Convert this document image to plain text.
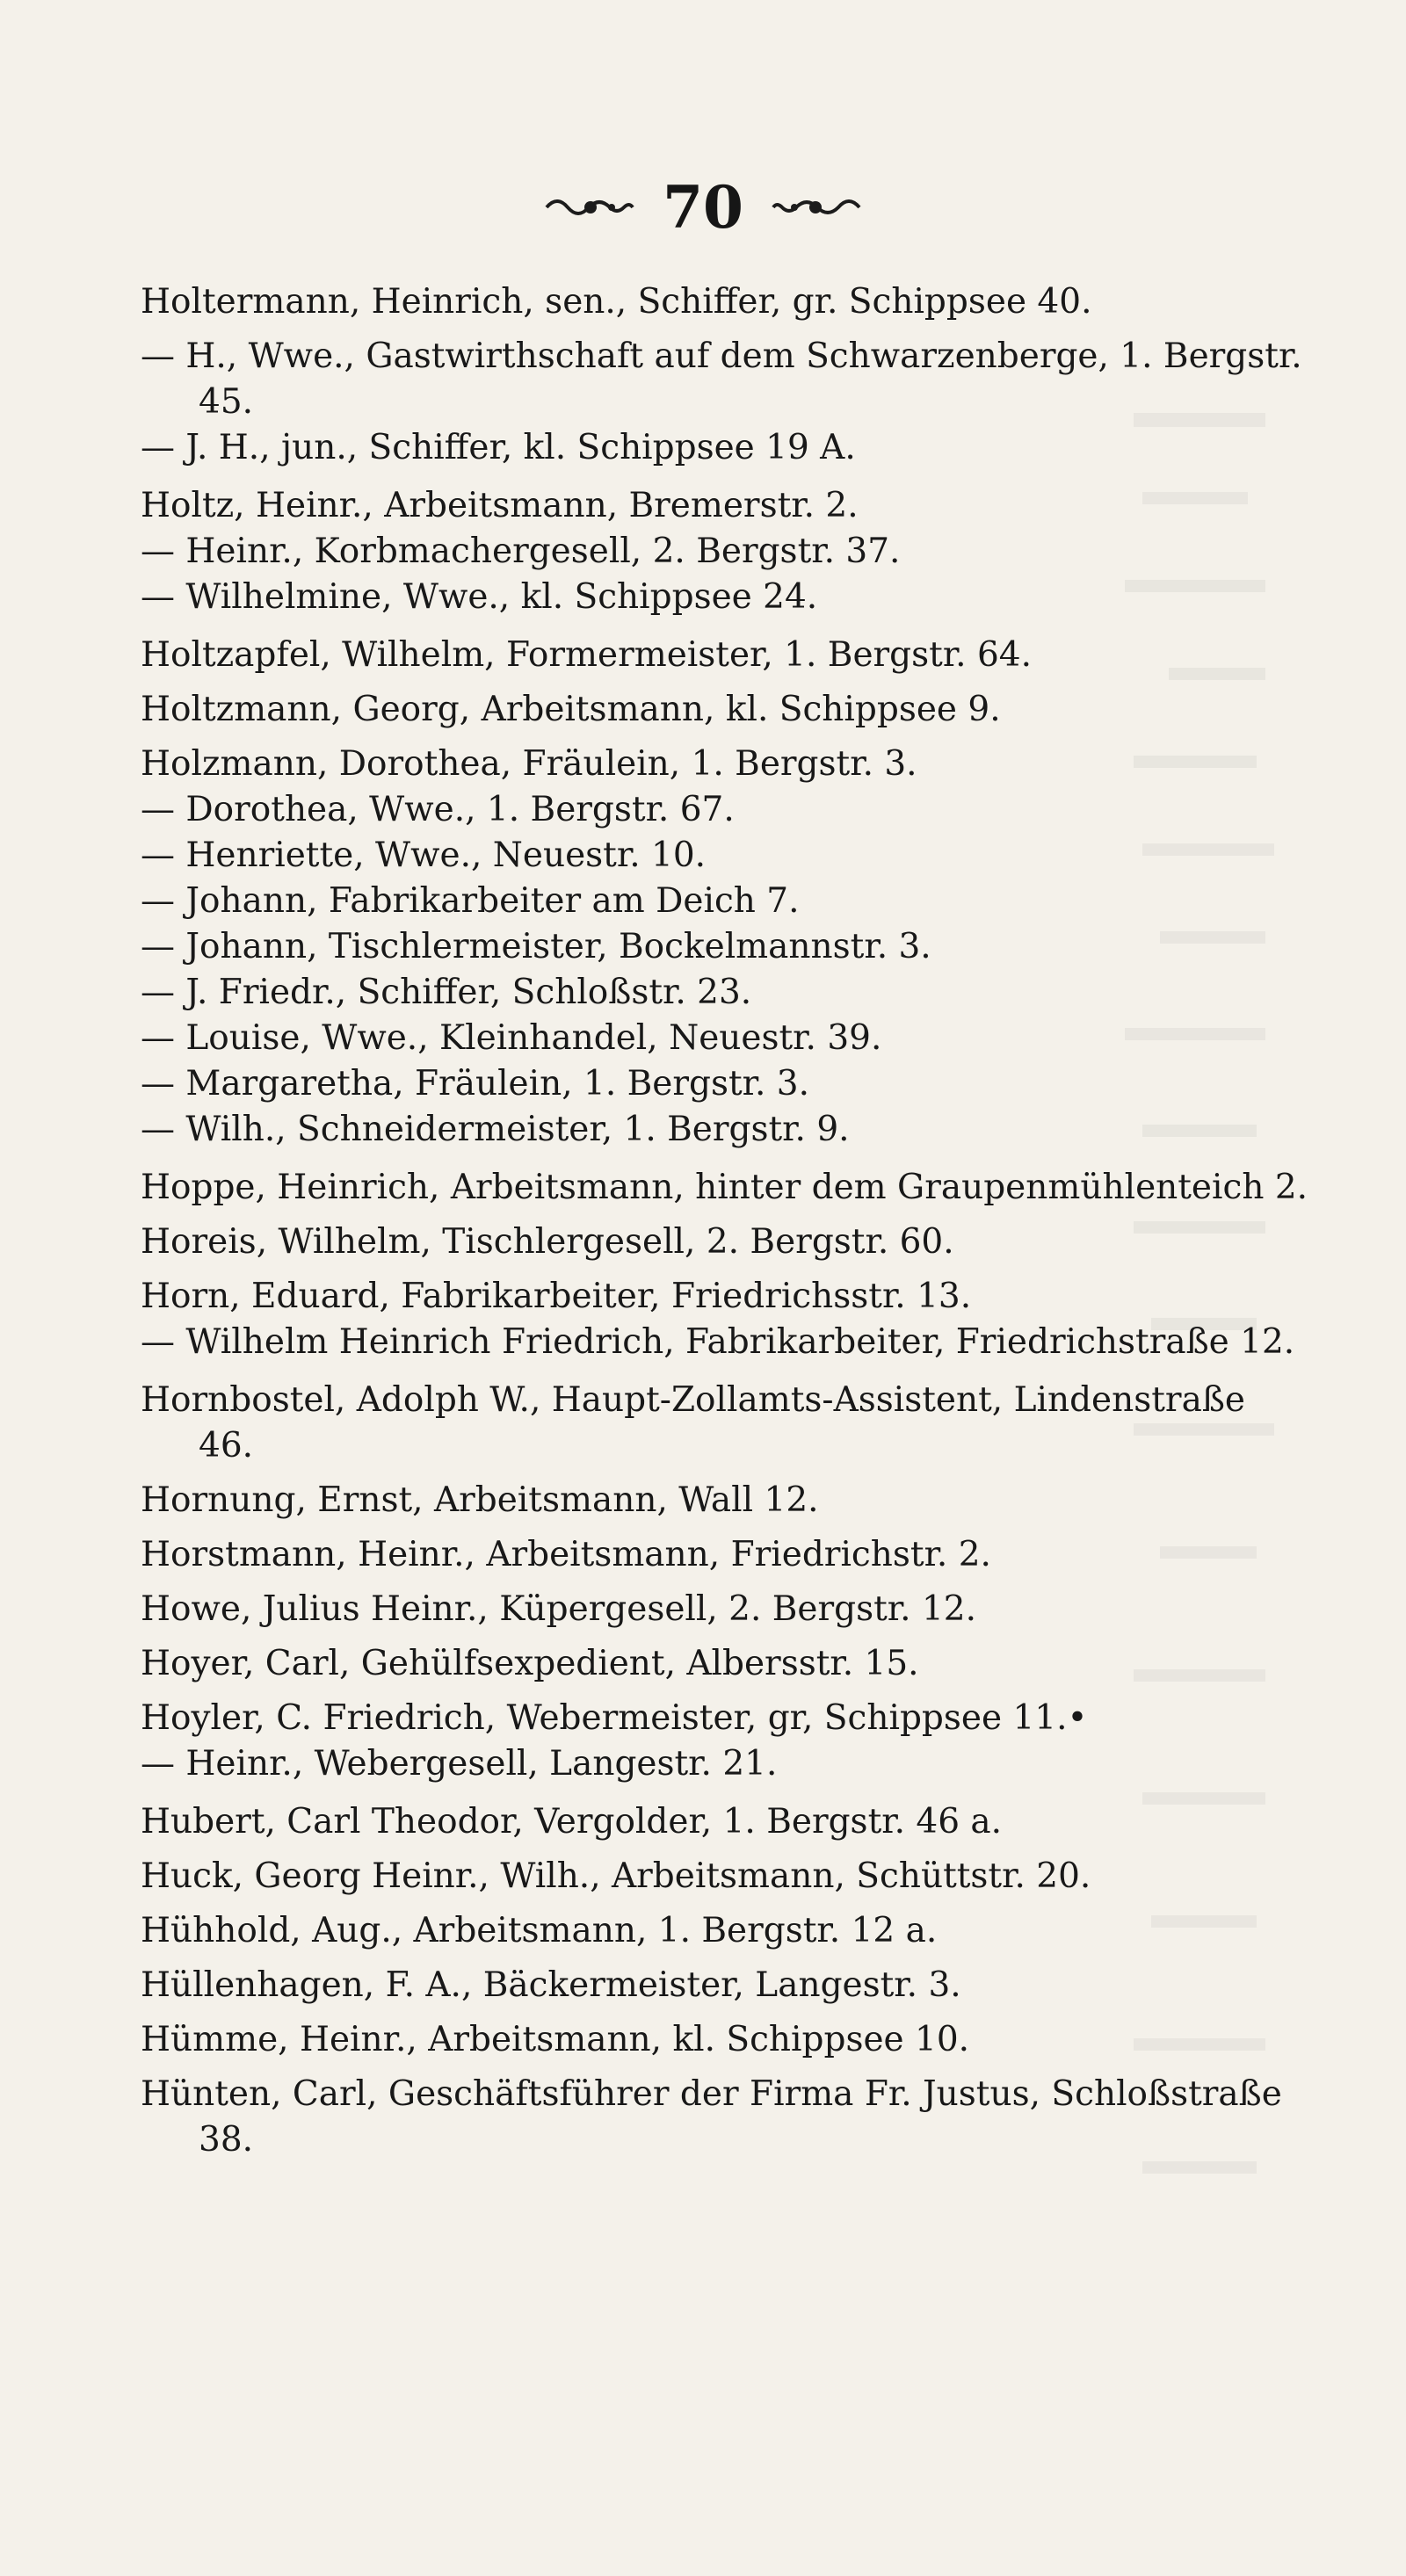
70

Holtermann, Heinrich, sen., Schiffer, gr. Schippsee 40.

— H., Wwe., Gastwirthschaft auf dem Schwarzenberge, 1. Bergstr. 45.

— J. H., jun., Schiffer, kl. Schippsee 19 A.

Holtz, Heinr., Arbeitsmann, Bremerstr. 2.

— Heinr., Korbmachergesell, 2. Bergstr. 37.

— Wilhelmine, Wwe., kl. Schippsee 24.

Holtzapfel, Wilhelm, Formermeister, 1. Bergstr. 64.

Holtzmann, Georg, Arbeitsmann, kl. Schippsee 9.

Holzmann, Dorothea, Fräulein, 1. Bergstr. 3.

— Dorothea, Wwe., 1. Bergstr. 67.

— Henriette, Wwe., Neuestr. 10.

— Johann, Fabrikarbeiter am Deich 7.

— Johann, Tischlermeister, Bockelmannstr. 3.

— J. Friedr., Schiffer, Schloßstr. 23.

— Louise, Wwe., Kleinhandel, Neuestr. 39.

— Margaretha, Fräulein, 1. Bergstr. 3.

— Wilh., Schneidermeister, 1. Bergstr. 9.

Hoppe, Heinrich, Arbeitsmann, hinter dem Graupenmühlenteich 2.

Horeis, Wilhelm, Tischlergesell, 2. Bergstr. 60.

Horn, Eduard, Fabrikarbeiter, Friedrichsstr. 13.

— Wilhelm Heinrich Friedrich, Fabrikarbeiter, Friedrichstraße 12.

Hornbostel, Adolph W., Haupt-Zollamts-Assistent, Lindenstraße 46.

Hornung, Ernst, Arbeitsmann, Wall 12.

Horstmann, Heinr., Arbeitsmann, Friedrichstr. 2.

Howe, Julius Heinr., Küpergesell, 2. Bergstr. 12.

Hoyer, Carl, Gehülfsexpedient, Albersstr. 15.

Hoyler, C. Friedrich, Webermeister, gr, Schippsee 11.•

— Heinr., Webergesell, Langestr. 21.

Hubert, Carl Theodor, Vergolder, 1. Bergstr. 46 a.

Huck, Georg Heinr., Wilh., Arbeitsmann, Schüttstr. 20.

Hühhold, Aug., Arbeitsmann, 1. Bergstr. 12 a.

Hüllenhagen, F. A., Bäckermeister, Langestr. 3.

Hümme, Heinr., Arbeitsmann, kl. Schippsee 10.

Hünten, Carl, Geschäftsführer der Firma Fr. Justus, Schloßstraße 38.
